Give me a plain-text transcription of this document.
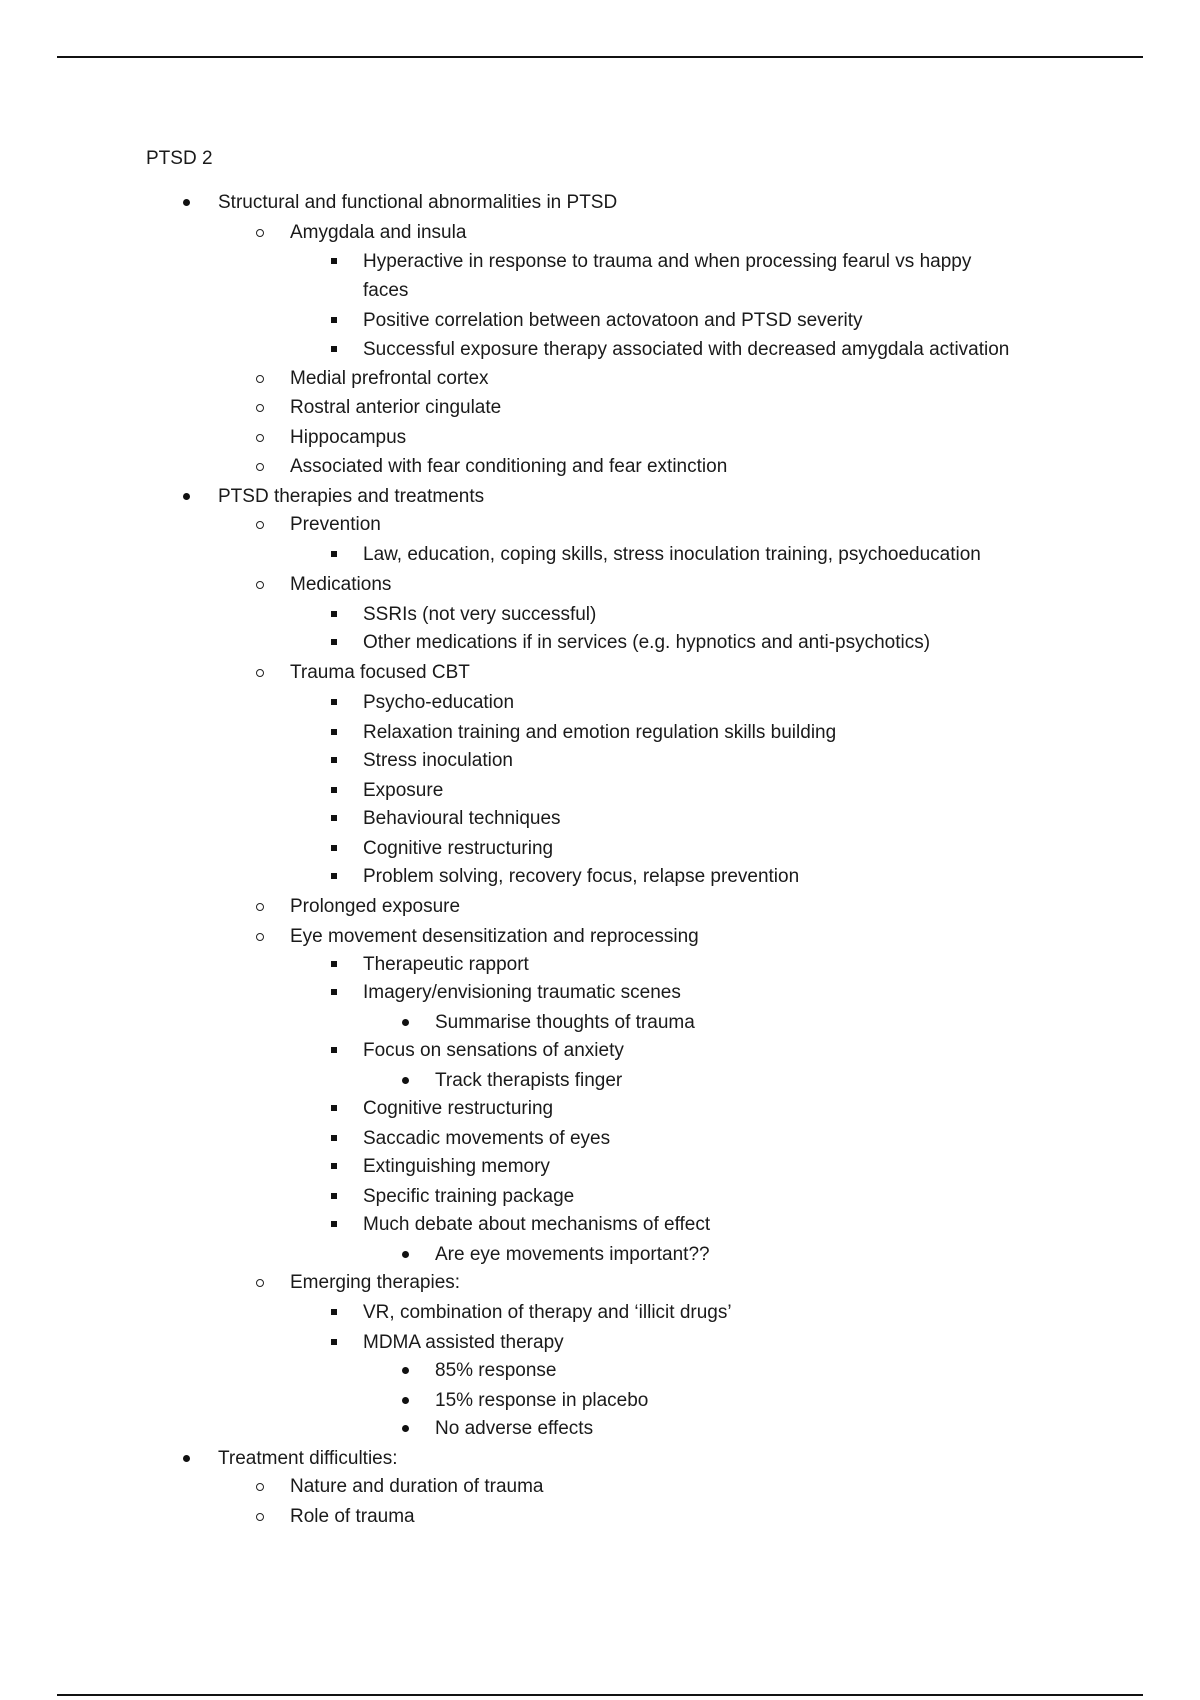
PTSD 2
Structural and functional abnormalities in PTSD
Amygdala and insula
Hyperactive in response to trauma and when processing fearul vs happy
faces
Positive correlation between actovatoon and PTSD severity
Successful exposure therapy associated with decreased amygdala activation
Medial prefrontal cortex
Rostral anterior cingulate
Hippocampus
Associated with fear conditioning and fear extinction
PTSD therapies and treatments
Prevention
Law, education, coping skills, stress inoculation training, psychoeducation
Medications
SSRIs (not very successful)
Other medications if in services (e.g. hypnotics and anti-psychotics)
Trauma focused CBT
Psycho-education
Relaxation training and emotion regulation skills building
Stress inoculation
Exposure
Behavioural techniques
Cognitive restructuring
Problem solving, recovery focus, relapse prevention
Prolonged exposure
Eye movement desensitization and reprocessing
Therapeutic rapport
Imagery/envisioning traumatic scenes
Summarise thoughts of trauma
Focus on sensations of anxiety
Track therapists finger
Cognitive restructuring
Saccadic movements of eyes
Extinguishing memory
Specific training package
Much debate about mechanisms of effect
Are eye movements important??
Emerging therapies:
VR, combination of therapy and ‘illicit drugs’
MDMA assisted therapy
85% response
15% response in placebo
No adverse effects
Treatment difficulties:
Nature and duration of trauma
Role of trauma
